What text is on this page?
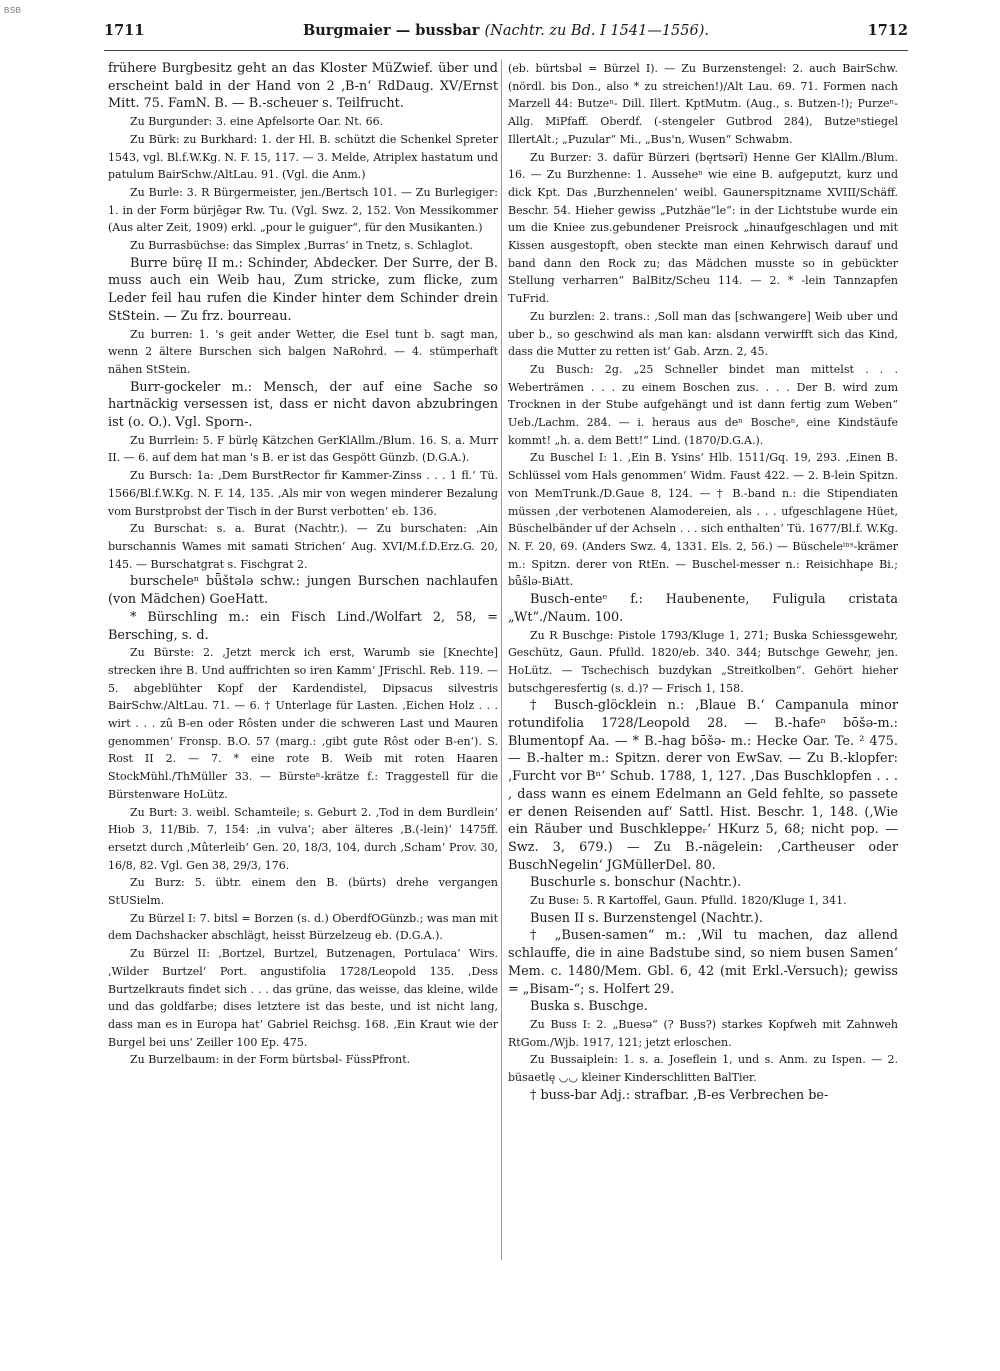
BSB
1711	Burgmaier — bussbar (Nachtr. zu Bd. I 1541—1556).	1712

frühere Burgbesitz geht an das Kloster MüZwief. über und erscheint bald in der Hand von 2 ‚B-n‘ RdDaug. XV/Ernst Mitt. 75. FamN. B. — B.-scheuer s. Teilfrucht.

Zu Burgunder: 3. eine Apfelsorte Oar. Nt. 66.

Zu Bürk: zu Burkhard: 1. der Hl. B. schützt die Schenkel Spreter 1543, vgl. Bl.f.W.Kg. N. F. 15, 117. — 3. Melde, Atriplex hastatum und patulum BairSchw./AltLau. 91. (Vgl. die Anm.)

Zu Burle: 3. R Bürgermeister, jen./Bertsch 101. — Zu Burlegiger: 1. in der Form bürjēgər Rw. Tu. (Vgl. Swz. 2, 152. Von Messikommer (Aus alter Zeit, 1909) erkl. „pour le guiguer“, für den Musikanten.)

Zu Burrasbüchse: das Simplex ‚Burras‘ in Tnetz, s. Schlaglot.

Burre bürę II m.: Schinder, Abdecker. Der Surre, der B. muss auch ein Weib hau, Zum stricke, zum flicke, zum Leder feil hau rufen die Kinder hinter dem Schinder drein StStein. — Zu frz. bourreau.

Zu burren: 1. 's geit ander Wetter, die Esel tunt b. sagt man, wenn 2 ältere Burschen sich balgen NaRohrd. — 4. stümperhaft nähen StStein.

Burr-gockeler m.: Mensch, der auf eine Sache so hartnäckig versessen ist, dass er nicht davon abzubringen ist (o. O.). Vgl. Sporn-.

Zu Burrlein: 5. F bürlę Kätzchen GerKlAllm./Blum. 16. S. a. Murr II. — 6. auf dem hat man 's B. er ist das Gespött Günzb. (D.G.A.).

Zu Bursch: 1a: ‚Dem BurstRector fir Kammer-Zinss . . . 1 fl.‘ Tü. 1566/Bl.f.W.Kg. N. F. 14, 135. ‚Als mir von wegen minderer Bezalung vom Burstprobst der Tisch in der Burst verbotten‘ eb. 136.

Zu Burschat: s. a. Burat (Nachtr.). — Zu burschaten: ‚Ain burschannis Wames mit samati Strichen‘ Aug. XVI/M.f.D.Erz.G. 20, 145. — Burschatgrat s. Fischgrat 2.

burscheleⁿ bǖštələ schw.: jungen Burschen nachlaufen (von Mädchen) GoeHatt.

* Bürschling m.: ein Fisch Lind./Wolfart 2, 58, = Bersching, s. d.

Zu Bürste: 2. ‚Jetzt merck ich erst, Warumb sie [Knechte] strecken ihre B. Und auffrichten so iren Kamm‘ JFrischl. Reb. 119. — 5. abgeblühter Kopf der Kardendistel, Dipsacus silvestris BairSchw./AltLau. 71. — 6. † Unterlage für Lasten. ‚Eichen Holz . . . wirt . . . zû B-en oder Rôsten under die schweren Last und Mauren genommen‘ Fronsp. B.O. 57 (marg.: ‚gibt gute Rôst oder B-en‘). S. Rost II 2. — 7. * eine rote B. Weib mit roten Haaren StockMühl./ThMüller 33. — Bürsteⁿ-krätze f.: Traggestell für die Bürstenware HoLütz.

Zu Burt: 3. weibl. Schamteile; s. Geburt 2. ‚Tod in dem Burdlein‘ Hiob 3, 11/Bib. 7, 154: ‚in vulva‘; aber älteres ‚B.(-lein)‘ 1475ff. ersetzt durch ‚Mûterleib‘ Gen. 20, 18/3, 104, durch ‚Scham‘ Prov. 30, 16/8, 82. Vgl. Gen 38, 29/3, 176.

Zu Burz: 5. übtr. einem den B. (bürts) drehe vergangen StUSielm.

Zu Bürzel I: 7. bitsl = Borzen (s. d.) OberdfOGünzb.; was man mit dem Dachshacker abschlägt, heisst Bürzelzeug eb. (D.G.A.).

Zu Bürzel II: ‚Bortzel, Burtzel, Butzenagen, Portulaca‘ Wirs. ‚Wilder Burtzel‘ Port. angustifolia 1728/Leopold 135. ‚Dess Burtzelkrauts findet sich . . . das grüne, das weisse, das kleine, wilde und das goldfarbe; dises letztere ist das beste, und ist nicht lang, dass man es in Europa hat‘ Gabriel Reichsg. 168. ‚Ein Kraut wie der Burgel bei uns‘ Zeiller 100 Ep. 475.

Zu Burzelbaum: in der Form bürtsbəl- FüssPfront.

(eb. bürtsbəl = Bürzel I). — Zu Burzenstengel: 2. auch BairSchw. (nördl. bis Don., also * zu streichen!)/Alt Lau. 69. 71. Formen nach Marzell 44: Butzeⁿ- Dill. Illert. KptMutm. (Aug., s. Butzen-!); Purzeⁿ- Allg. MiPfaff. Oberdf. (-stengeler Gutbrod 284), Butzeⁿstiegel IllertAlt.; „Puzular“ Mi., „Bus'n, Wusen“ Schwabm.

Zu Burzer: 3. dafür Bürzeri (bęrtsərī) Henne Ger KlAllm./Blum. 16. — Zu Burzhenne: 1. Ausseheⁿ wie eine B. aufgeputzt, kurz und dick Kpt. Das ‚Burzhennelen‘ weibl. Gaunerspitzname XVIII/Schäff. Beschr. 54. Hieher gewiss „Putzhäe“le“: in der Lichtstube wurde ein um die Kniee zus.gebundener Preisrock „hinaufgeschlagen und mit Kissen ausgestopft, oben steckte man einen Kehrwisch darauf und band dann den Rock zu; das Mädchen musste so in gebückter Stellung verharren“ BalBitz/Scheu 114. — 2. * -lein Tannzapfen TuFrid.

Zu burzlen: 2. trans.: ‚Soll man das [schwangere] Weib uber und uber b., so geschwind als man kan: alsdann verwirfft sich das Kind, dass die Mutter zu retten ist‘ Gab. Arzn. 2, 45.

Zu Busch: 2g. „25 Schneller bindet man mittelst . . . Weberträmen . . . zu einem Boschen zus. . . . Der B. wird zum Trocknen in der Stube aufgehängt und ist dann fertig zum Weben“ Ueb./Lachm. 284. — i. heraus aus deⁿ Boscheⁿ, eine Kindstäufe kommt! „h. a. dem Bett!“ Lind. (1870/D.G.A.).

Zu Buschel I: 1. ‚Ein B. Ysins‘ Hlb. 1511/Gq. 19, 293. ‚Einen B. Schlüssel vom Hals genommen‘ Widm. Faust 422. — 2. B-lein Spitzn. von MemTrunk./D.Gaue 8, 124. — † B.-band n.: die Stipendiaten müssen ‚der verbotenen Alamodereien, als . . . ufgeschlagene Hüet, Büschelbänder uf der Achseln . . . sich enthalten‘ Tü. 1677/Bl.f. W.Kg. N. F. 20, 69. (Anders Swz. 4, 1331. Els. 2, 56.) — Büscheleⁱⁿˢ-krämer m.: Spitzn. derer von RtEn. — Buschel-messer n.: Reisichhape Bi.; bǖšlə-BiAtt.

Busch-enteᵉ f.: Haubenente, Fuligula cristata „Wt“./Naum. 100.

Zu R Buschge: Pistole 1793/Kluge 1, 271; Buska Schiessgewehr, Geschütz, Gaun. Pfulld. 1820/eb. 340. 344; Butschge Gewehr, jen. HoLütz. — Tschechisch buzdykan „Streitkolben“. Gehört hieher butschgeresfertig (s. d.)? — Frisch 1, 158.

† Busch-glöcklein n.: ‚Blaue B.‘ Campanula minor rotundifolia 1728/Leopold 28. — B.-hafeⁿ bōšə-m.: Blumentopf Aa. — * B.-hag bōšə- m.: Hecke Oar. Te. ² 475. — B.-halter m.: Spitzn. derer von EwSav. — Zu B.-klopfer: ‚Furcht vor Bⁿ‘ Schub. 1788, 1, 127. ‚Das Buschklopfen . . . , dass wann es einem Edelmann an Geld fehlte, so passete er denen Reisenden auf‘ Sattl. Hist. Beschr. 1, 148. (‚Wie ein Räuber und Buschkleppeᵣ‘ HKurz 5, 68; nicht pop. — Swz. 3, 679.) — Zu B.-nägelein: ‚Cartheuser oder BuschNegelin‘ JGMüllerDel. 80.

Buschurle s. bonschur (Nachtr.).

Zu Buse: 5. R Kartoffel, Gaun. Pfulld. 1820/Kluge 1, 341.

Busen II s. Burzenstengel (Nachtr.).

† „Busen-samen“ m.: ‚Wil tu machen, daz allend schlauffe, die in aine Badstube sind, so niem busen Samen‘ Mem. c. 1480/Mem. Gbl. 6, 42 (mit Erkl.-Versuch); gewiss = „Bisam-“; s. Holfert 29.

Buska s. Buschge.

Zu Buss I: 2. „Buesə“ (? Buss?) starkes Kopfweh mit Zahnweh RtGom./Wjb. 1917, 121; jetzt erloschen.

Zu Bussaiplein: 1. s. a. Joseflein 1, und s. Anm. zu Ispen. — 2. büsaetlę ◡◡ kleiner Kinderschlitten BalTier.

† buss-bar Adj.: strafbar. ‚B-es Verbrechen be-
